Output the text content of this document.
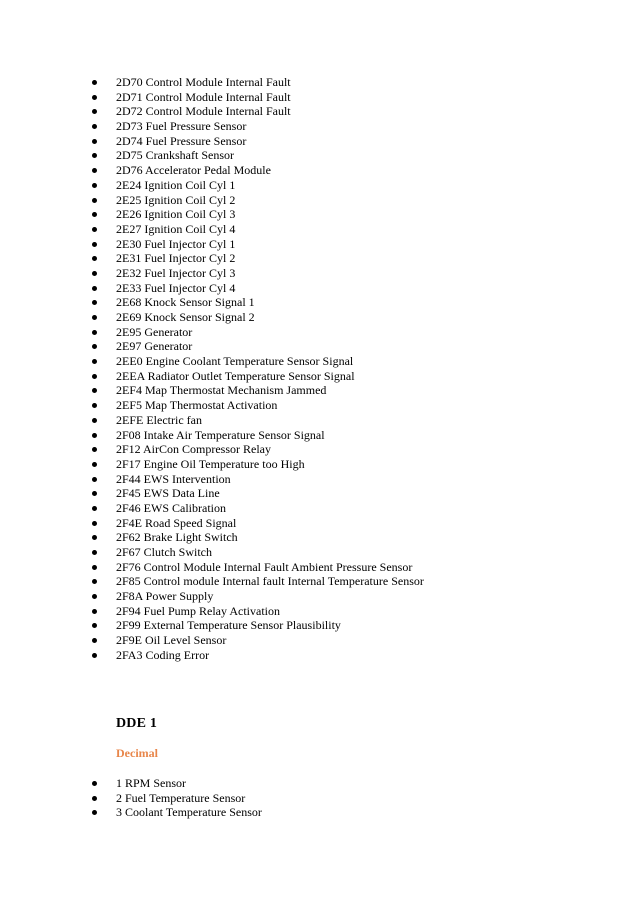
2D70 Control Module Internal Fault
2D71 Control Module Internal Fault
2D72 Control Module Internal Fault
2D73 Fuel Pressure Sensor
2D74 Fuel Pressure Sensor
2D75 Crankshaft Sensor
2D76 Accelerator Pedal Module
2E24 Ignition Coil Cyl 1
2E25 Ignition Coil Cyl 2
2E26 Ignition Coil Cyl 3
2E27 Ignition Coil Cyl 4
2E30 Fuel Injector Cyl 1
2E31 Fuel Injector Cyl 2
2E32 Fuel Injector Cyl 3
2E33 Fuel Injector Cyl 4
2E68 Knock Sensor Signal 1
2E69 Knock Sensor Signal 2
2E95 Generator
2E97 Generator
2EE0 Engine Coolant Temperature Sensor Signal
2EEA Radiator Outlet Temperature Sensor Signal
2EF4 Map Thermostat Mechanism Jammed
2EF5 Map Thermostat Activation
2EFE Electric fan
2F08 Intake Air Temperature Sensor Signal
2F12 AirCon Compressor Relay
2F17 Engine Oil Temperature too High
2F44 EWS Intervention
2F45 EWS Data Line
2F46 EWS Calibration
2F4E Road Speed Signal
2F62 Brake Light Switch
2F67 Clutch Switch
2F76 Control Module Internal Fault Ambient Pressure Sensor
2F85 Control module Internal fault Internal Temperature Sensor
2F8A Power Supply
2F94 Fuel Pump Relay Activation
2F99 External Temperature Sensor Plausibility
2F9E Oil Level Sensor
2FA3 Coding Error
DDE 1
Decimal
1 RPM Sensor
2 Fuel Temperature Sensor
3 Coolant Temperature Sensor
